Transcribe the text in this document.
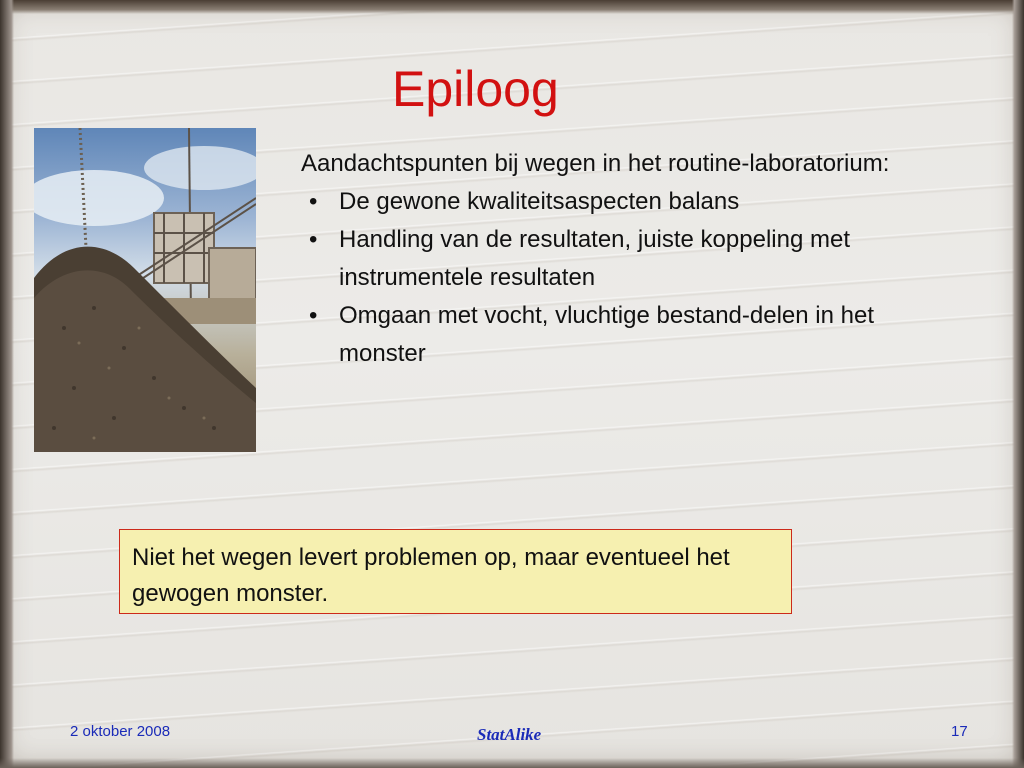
Epiloog

Aandachtspunten bij wegen in het routine-laboratorium:

• De gewone kwaliteitsaspecten balans
• Handling van de resultaten, juiste koppeling met instrumentele resultaten
• Omgaan met vocht, vluchtige bestand-delen in het monster
Niet het wegen levert problemen op, maar eventueel het gewogen monster.
2 oktober 2008	StatAlike	17
